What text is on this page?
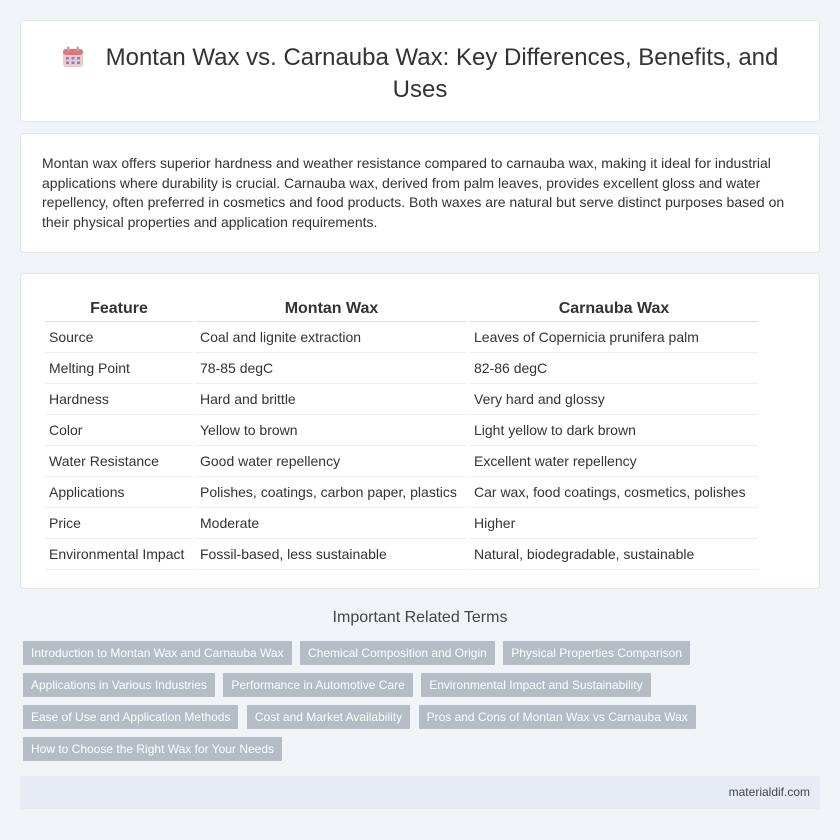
Montan Wax vs. Carnauba Wax: Key Differences, Benefits, and Uses

Montan wax offers superior hardness and weather resistance compared to carnauba wax, making it ideal for industrial applications where durability is crucial. Carnauba wax, derived from palm leaves, provides excellent gloss and water repellency, often preferred in cosmetics and food products. Both waxes are natural but serve distinct purposes based on their physical properties and application requirements.

Feature	Montan Wax	Carnauba Wax
Source	Coal and lignite extraction	Leaves of Copernicia prunifera palm
Melting Point	78-85 degC	82-86 degC
Hardness	Hard and brittle	Very hard and glossy
Color	Yellow to brown	Light yellow to dark brown
Water Resistance	Good water repellency	Excellent water repellency
Applications	Polishes, coatings, carbon paper, plastics	Car wax, food coatings, cosmetics, polishes
Price	Moderate	Higher
Environmental Impact	Fossil-based, less sustainable	Natural, biodegradable, sustainable
Important Related Terms
Introduction to Montan Wax and Carnauba Wax Chemical Composition and Origin Physical Properties Comparison
Applications in Various Industries Performance in Automotive Care Environmental Impact and Sustainability
Ease of Use and Application Methods Cost and Market Availability Pros and Cons of Montan Wax vs Carnauba Wax
How to Choose the Right Wax for Your Needs
materialdif.com
